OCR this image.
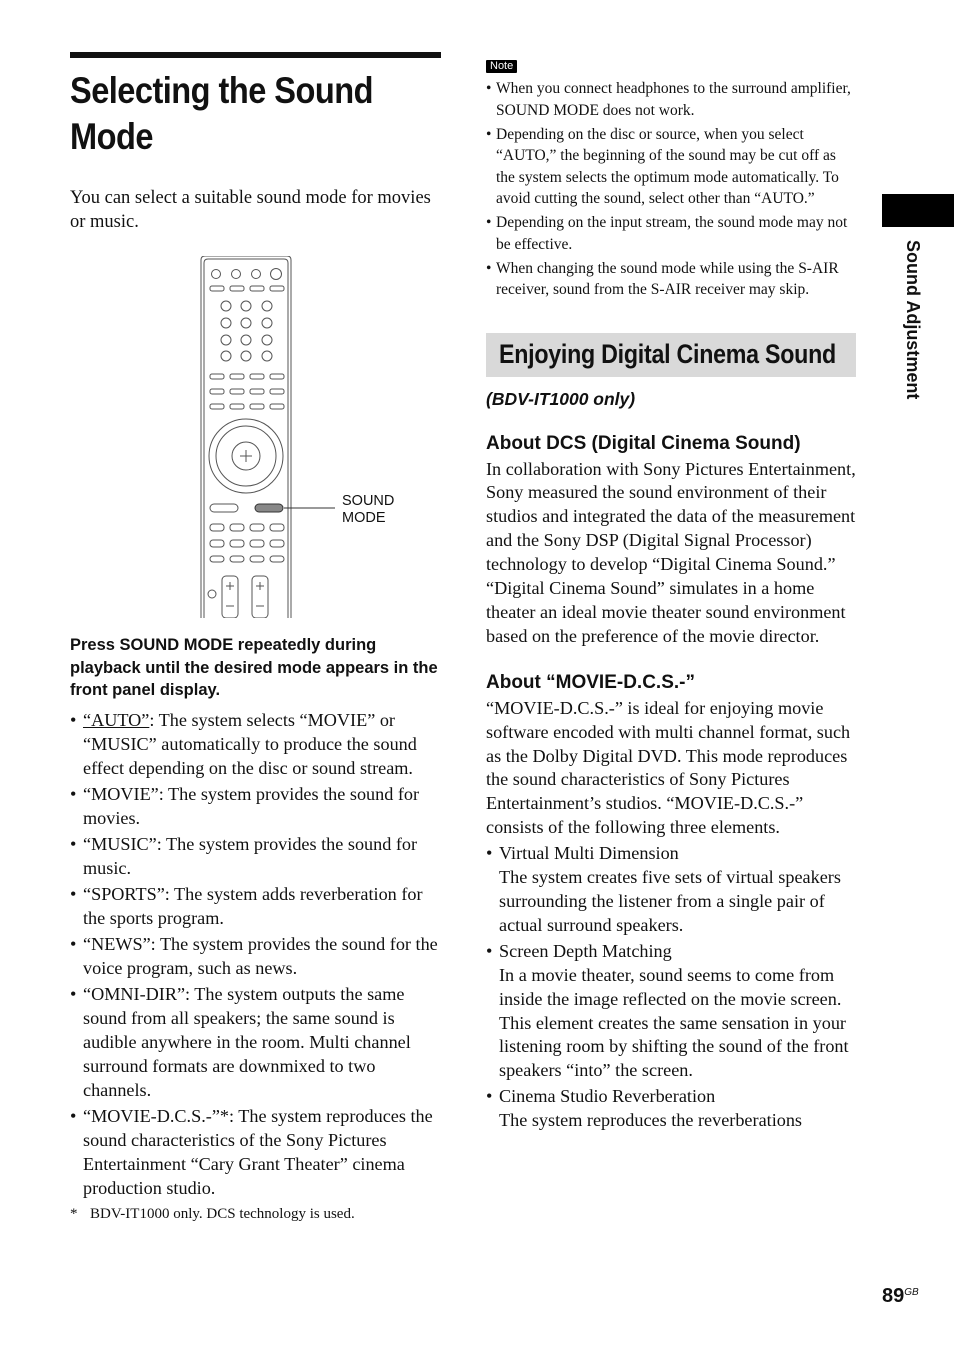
Selecting the Sound Mode
You can select a suitable sound mode for movies or music.
SOUND
MODE
Press SOUND MODE repeatedly during playback until the desired mode appears in the front panel display.
• “AUTO”: The system selects “MOVIE” or “MUSIC” automatically to produce the sound effect depending on the disc or sound stream.
• “MOVIE”: The system provides the sound for movies.
• “MUSIC”: The system provides the sound for music.
• “SPORTS”: The system adds reverberation for the sports program.
• “NEWS”: The system provides the sound for the voice program, such as news.
• “OMNI-DIR”: The system outputs the same sound from all speakers; the same sound is audible anywhere in the room. Multi channel surround formats are downmixed to two channels.
• “MOVIE-D.C.S.-”*: The system reproduces the sound characteristics of the Sony Pictures Entertainment “Cary Grant Theater” cinema production studio.
* BDV-IT1000 only. DCS technology is used.
Note
• When you connect headphones to the surround amplifier, SOUND MODE does not work.
• Depending on the disc or source, when you select “AUTO,” the beginning of the sound may be cut off as the system selects the optimum mode automatically. To avoid cutting the sound, select other than “AUTO.”
• Depending on the input stream, the sound mode may not be effective.
• When changing the sound mode while using the S-AIR receiver, sound from the S-AIR receiver may skip.
Enjoying Digital Cinema Sound
(BDV-IT1000 only)
About DCS (Digital Cinema Sound)

In collaboration with Sony Pictures Entertainment, Sony measured the sound environment of their studios and integrated the data of the measurement and the Sony DSP (Digital Signal Processor) technology to develop “Digital Cinema Sound.” “Digital Cinema Sound” simulates in a home theater an ideal movie theater sound environment based on the preference of the movie director.

About “MOVIE-D.C.S.-”

“MOVIE-D.C.S.-” is ideal for enjoying movie software encoded with multi channel format, such as the Dolby Digital DVD. This mode reproduces the sound characteristics of Sony Pictures Entertainment’s studios. “MOVIE-D.C.S.-” consists of the following three elements.

• Virtual Multi Dimension
The system creates five sets of virtual speakers surrounding the listener from a single pair of actual surround speakers.
• Screen Depth Matching
In a movie theater, sound seems to come from inside the image reflected on the movie screen. This element creates the same sensation in your listening room by shifting the sound of the front speakers “into” the screen.
• Cinema Studio Reverberation
The system reproduces the reverberations
Sound Adjustment
$89^{GB}$
